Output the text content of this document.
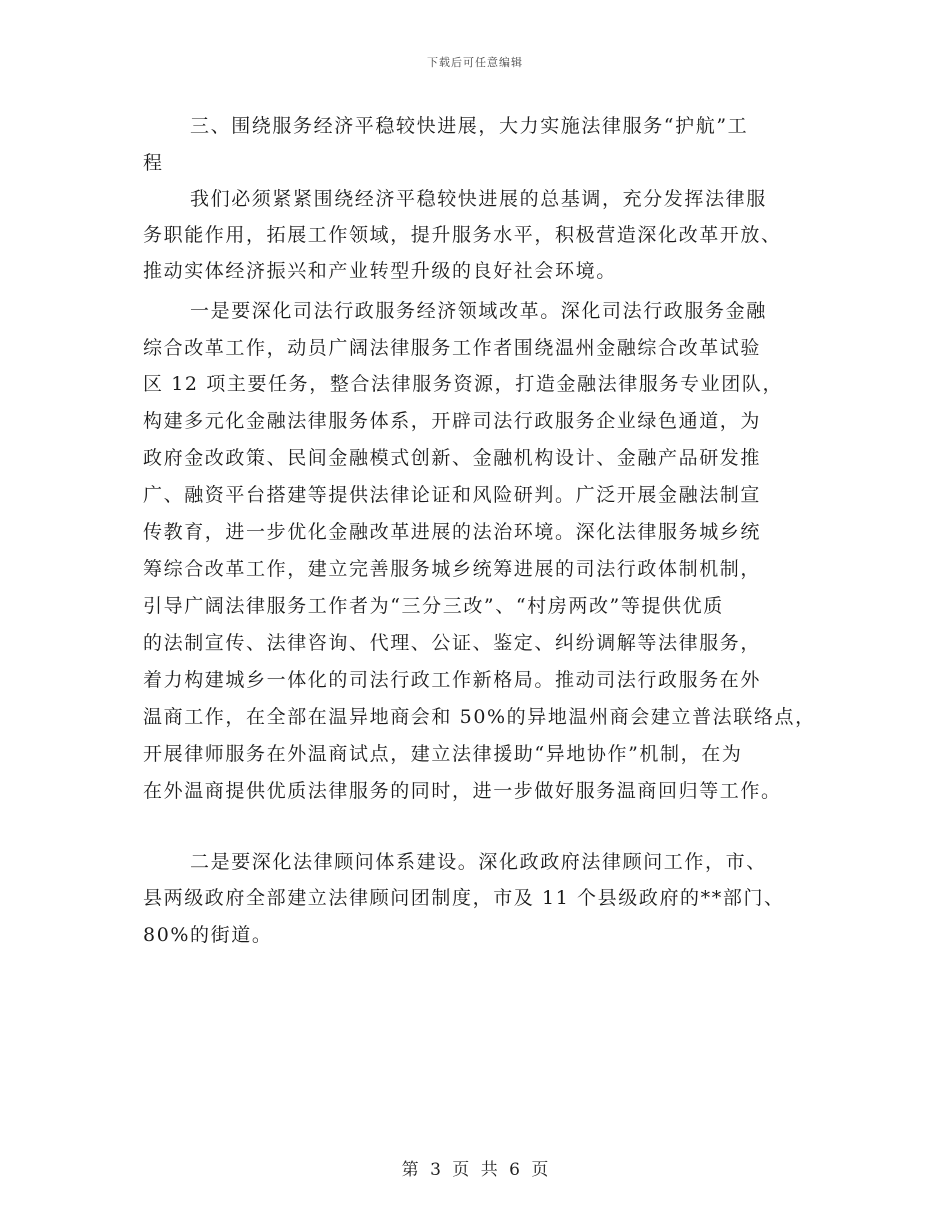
下载后可任意编辑
三、围绕服务经济平稳较快进展，大力实施法律服务“护航”工
程
我们必须紧紧围绕经济平稳较快进展的总基调，充分发挥法律服
务职能作用，拓展工作领域，提升服务水平，积极营造深化改革开放、
推动实体经济振兴和产业转型升级的良好社会环境。
一是要深化司法行政服务经济领域改革。深化司法行政服务金融
综合改革工作，动员广阔法律服务工作者围绕温州金融综合改革试验
区 12 项主要任务，整合法律服务资源，打造金融法律服务专业团队，
构建多元化金融法律服务体系，开辟司法行政服务企业绿色通道，为
政府金改政策、民间金融模式创新、金融机构设计、金融产品研发推
广、融资平台搭建等提供法律论证和风险研判。广泛开展金融法制宣
传教育，进一步优化金融改革进展的法治环境。深化法律服务城乡统
筹综合改革工作，建立完善服务城乡统筹进展的司法行政体制机制，
引导广阔法律服务工作者为“三分三改”、“村房两改”等提供优质
的法制宣传、法律咨询、代理、公证、鉴定、纠纷调解等法律服务，
着力构建城乡一体化的司法行政工作新格局。推动司法行政服务在外
温商工作，在全部在温异地商会和 50%的异地温州商会建立普法联络点，
开展律师服务在外温商试点，建立法律援助“异地协作”机制，在为
在外温商提供优质法律服务的同时，进一步做好服务温商回归等工作。
二是要深化法律顾问体系建设。深化政政府法律顾问工作，市、
县两级政府全部建立法律顾问团制度，市及 11 个县级政府的**部门、
80%的街道。
第 3 页 共 6 页
